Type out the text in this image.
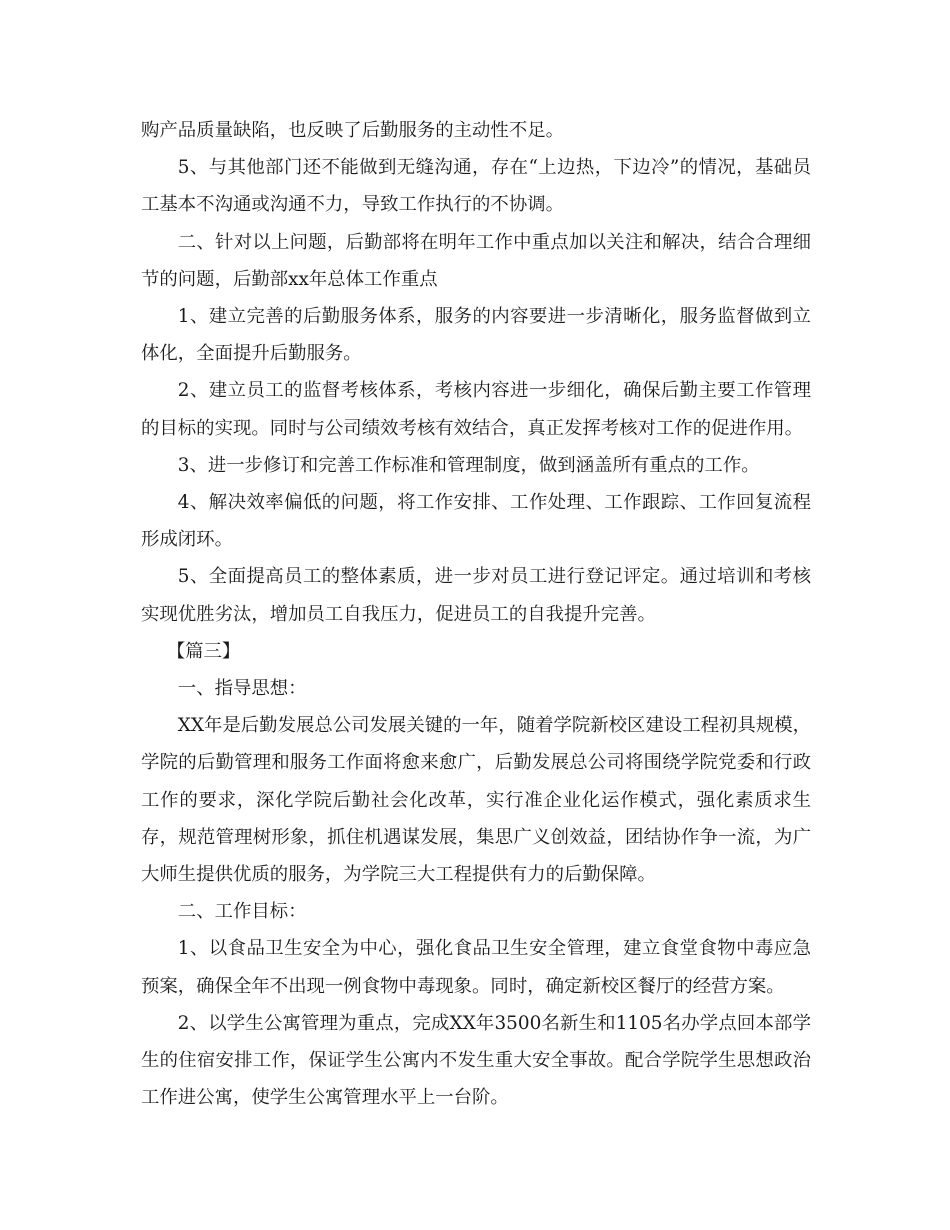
购产品质量缺陷，也反映了后勤服务的主动性不足。

5、与其他部门还不能做到无缝沟通，存在“上边热，下边冷”的情况，基础员工基本不沟通或沟通不力，导致工作执行的不协调。

二、针对以上问题，后勤部将在明年工作中重点加以关注和解决，结合合理细节的问题，后勤部xx年总体工作重点

1、建立完善的后勤服务体系，服务的内容要进一步清晰化，服务监督做到立体化，全面提升后勤服务。

2、建立员工的监督考核体系，考核内容进一步细化，确保后勤主要工作管理的目标的实现。同时与公司绩效考核有效结合，真正发挥考核对工作的促进作用。

3、进一步修订和完善工作标准和管理制度，做到涵盖所有重点的工作。

4、解决效率偏低的问题，将工作安排、工作处理、工作跟踪、工作回复流程形成闭环。

5、全面提高员工的整体素质，进一步对员工进行登记评定。通过培训和考核实现优胜劣汰，增加员工自我压力，促进员工的自我提升完善。

【篇三】

一、指导思想：

XX年是后勤发展总公司发展关键的一年，随着学院新校区建设工程初具规模，学院的后勤管理和服务工作面将愈来愈广，后勤发展总公司将围绕学院党委和行政工作的要求，深化学院后勤社会化改革，实行准企业化运作模式，强化素质求生存，规范管理树形象，抓住机遇谋发展，集思广义创效益，团结协作争一流，为广大师生提供优质的服务，为学院三大工程提供有力的后勤保障。

二、工作目标：

1、以食品卫生安全为中心，强化食品卫生安全管理，建立食堂食物中毒应急预案，确保全年不出现一例食物中毒现象。同时，确定新校区餐厅的经营方案。

2、以学生公寓管理为重点，完成XX年3500名新生和1105名办学点回本部学生的住宿安排工作，保证学生公寓内不发生重大安全事故。配合学院学生思想政治工作进公寓，使学生公寓管理水平上一台阶。
